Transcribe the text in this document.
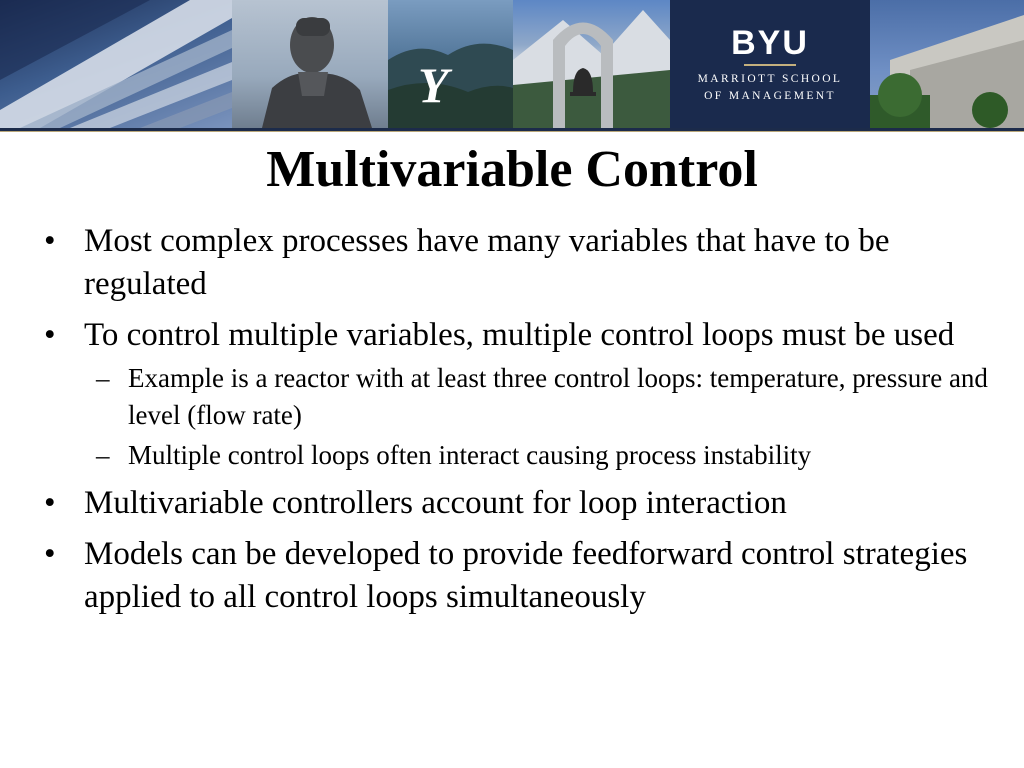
Y
BYU
MARRIOTT SCHOOL
OF MANAGEMENT
Multivariable Control
• Most complex processes have many variables that have to be regulated
• To control multiple variables, multiple control loops must be used
– Example is a reactor with at least three control loops: temperature, pressure and level (flow rate)
– Multiple control loops often interact causing process instability
• Multivariable controllers account for loop interaction
• Models can be developed to provide feedforward control strategies applied to all control loops simultaneously
